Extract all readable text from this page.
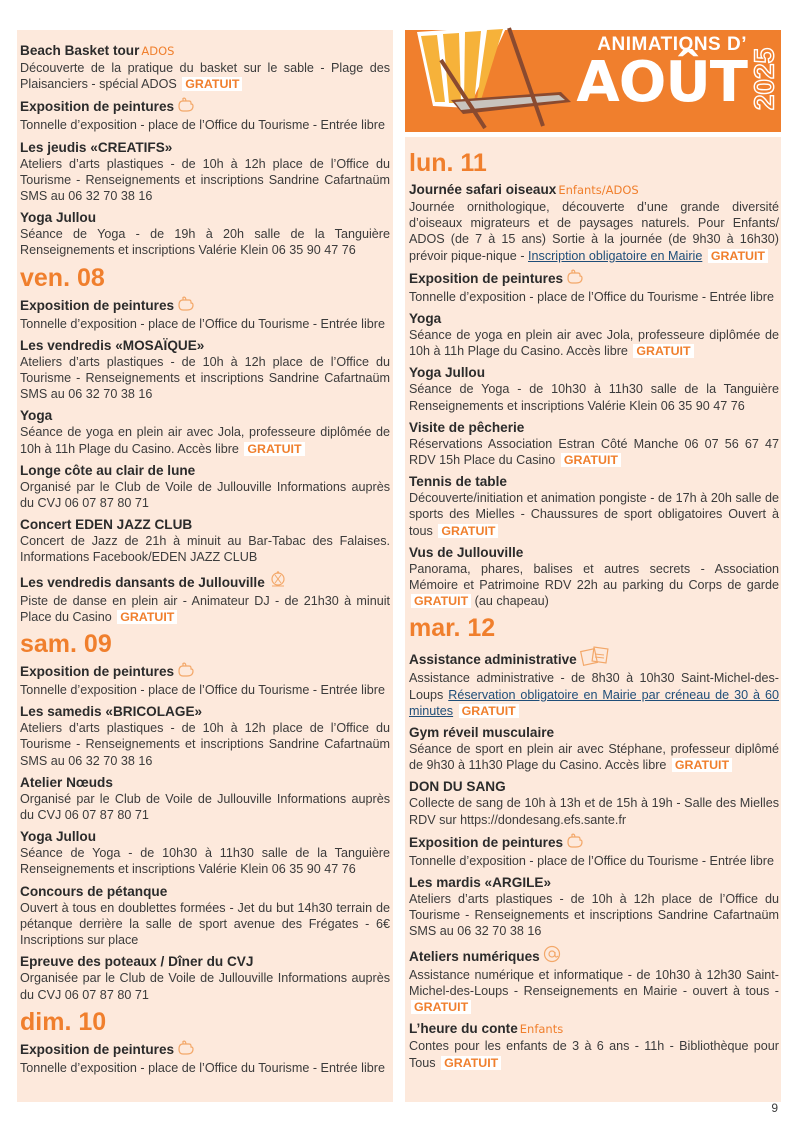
Beach Basket tour ADOS
Découverte de la pratique du basket sur le sable - Plage des Plaisanciers - spécial ADOS GRATUIT
Exposition de peintures
Tonnelle d’exposition - place de l’Office du Tourisme - Entrée libre
Les jeudis «CREATIFS»
Ateliers d’arts plastiques - de 10h à 12h place de l’Office du Tourisme - Renseignements et inscriptions Sandrine Cafartnaüm SMS au 06 32 70 38 16
Yoga Jullou
Séance de Yoga - de 19h à 20h salle de la Tanguière Renseignements et inscriptions Valérie Klein 06 35 90 47 76
ven. 08
Exposition de peintures
Tonnelle d’exposition - place de l’Office du Tourisme - Entrée libre
Les vendredis «MOSAÏQUE»
Ateliers d’arts plastiques - de 10h à 12h place de l’Office du Tourisme - Renseignements et inscriptions Sandrine Cafartnaüm SMS au 06 32 70 38 16
Yoga
Séance de yoga en plein air avec Jola, professeure diplômée de 10h à 11h Plage du Casino. Accès libre GRATUIT
Longe côte au clair de lune
Organisé par le Club de Voile de Jullouville Informations auprès du CVJ 06 07 87 80 71
Concert EDEN JAZZ CLUB
Concert de Jazz de 21h à minuit au Bar-Tabac des Falaises. Informations Facebook/EDEN JAZZ CLUB
Les vendredis dansants de Jullouville
Piste de danse en plein air - Animateur DJ - de 21h30 à minuit Place du Casino GRATUIT
sam. 09
Exposition de peintures
Tonnelle d’exposition - place de l’Office du Tourisme - Entrée libre
Les samedis «BRICOLAGE»
Ateliers d’arts plastiques - de 10h à 12h place de l’Office du Tourisme - Renseignements et inscriptions Sandrine Cafartnaüm SMS au 06 32 70 38 16
Atelier Nœuds
Organisé par le Club de Voile de Jullouville Informations auprès du CVJ 06 07 87 80 71
Yoga Jullou
Séance de Yoga - de 10h30 à 11h30 salle de la Tanguière Renseignements et inscriptions Valérie Klein 06 35 90 47 76
Concours de pétanque
Ouvert à tous en doublettes formées - Jet du but 14h30 terrain de pétanque derrière la salle de sport avenue des Frégates - 6€ Inscriptions sur place
Epreuve des poteaux / Dîner du CVJ
Organisée par le Club de Voile de Jullouville Informations auprès du CVJ 06 07 87 80 71
dim. 10
Exposition de peintures
Tonnelle d’exposition - place de l’Office du Tourisme - Entrée libre
ANIMATIONS D’
AOÛT 2025
lun. 11
Journée safari oiseaux Enfants/ADOS
Journée ornithologique, découverte d’une grande diversité d’oiseaux migrateurs et de paysages naturels. Pour Enfants/ ADOS (de 7 à 15 ans) Sortie à la journée (de 9h30 à 16h30) prévoir pique-nique - Inscription obligatoire en Mairie GRATUIT
Exposition de peintures
Tonnelle d’exposition - place de l’Office du Tourisme - Entrée libre
Yoga
Séance de yoga en plein air avec Jola, professeure diplômée de 10h à 11h Plage du Casino. Accès libre GRATUIT
Yoga Jullou
Séance de Yoga - de 10h30 à 11h30 salle de la Tanguière Renseignements et inscriptions Valérie Klein 06 35 90 47 76
Visite de pêcherie
Réservations Association Estran Côté Manche 06 07 56 67 47 RDV 15h Place du Casino GRATUIT
Tennis de table
Découverte/initiation et animation pongiste - de 17h à 20h salle de sports des Mielles - Chaussures de sport obligatoires Ouvert à tous GRATUIT
Vus de Jullouville
Panorama, phares, balises et autres secrets - Association Mémoire et Patrimoine RDV 22h au parking du Corps de garde GRATUIT (au chapeau)
mar. 12
Assistance administrative
Assistance administrative - de 8h30 à 10h30 Saint-Michel-des-Loups Réservation obligatoire en Mairie par créneau de 30 à 60 minutes GRATUIT
Gym réveil musculaire
Séance de sport en plein air avec Stéphane, professeur diplômé de 9h30 à 11h30 Plage du Casino. Accès libre GRATUIT
DON DU SANG
Collecte de sang de 10h à 13h et de 15h à 19h - Salle des Mielles RDV sur https://dondesang.efs.sante.fr
Exposition de peintures
Tonnelle d’exposition - place de l’Office du Tourisme - Entrée libre
Les mardis «ARGILE»
Ateliers d’arts plastiques - de 10h à 12h place de l’Office du Tourisme - Renseignements et inscriptions Sandrine Cafartnaüm SMS au 06 32 70 38 16
Ateliers numériques
Assistance numérique et informatique - de 10h30 à 12h30 Saint-Michel-des-Loups - Renseignements en Mairie - ouvert à tous - GRATUIT
L’heure du conte Enfants
Contes pour les enfants de 3 à 6 ans - 11h - Bibliothèque pour Tous GRATUIT
9
